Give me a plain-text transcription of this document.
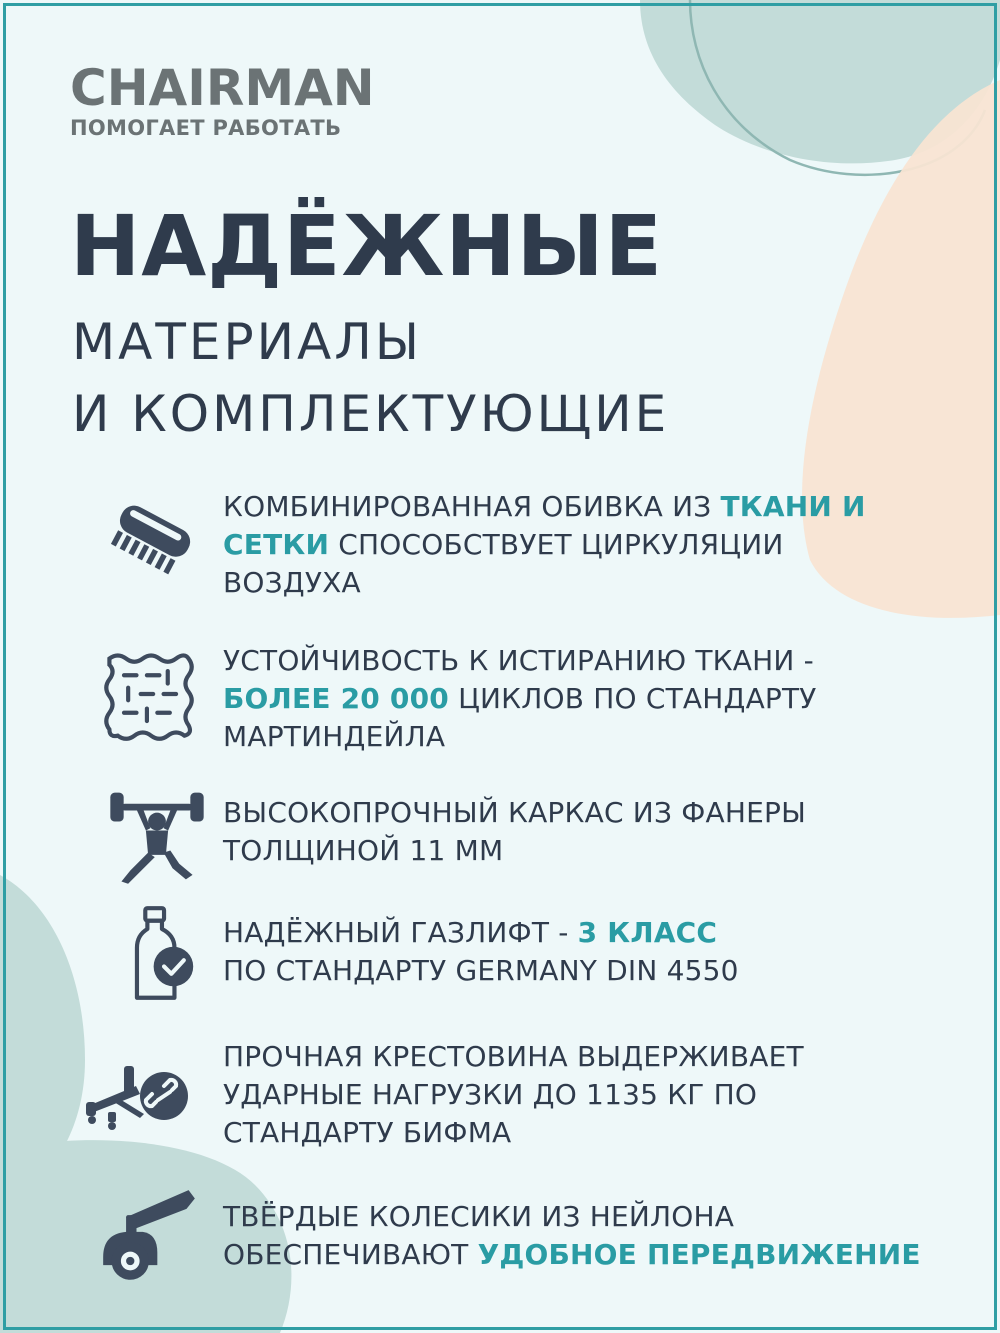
CHAIRMAN
ПОМОГАЕТ РАБОТАТЬ
НАДЁЖНЫЕ
МАТЕРИАЛЫ
И КОМПЛЕКТУЮЩИЕ
КОМБИНИРОВАННАЯ ОБИВКА ИЗ ТКАНИ И
СЕТКИ СПОСОБСТВУЕТ ЦИРКУЛЯЦИИ
ВОЗДУХА
УСТОЙЧИВОСТЬ К ИСТИРАНИЮ ТКАНИ -
БОЛЕЕ 20 000 ЦИКЛОВ ПО СТАНДАРТУ
МАРТИНДЕЙЛА
ВЫСОКОПРОЧНЫЙ КАРКАС ИЗ ФАНЕРЫ
ТОЛЩИНОЙ 11 ММ
НАДЁЖНЫЙ ГАЗЛИФТ - 3 КЛАСС
ПО СТАНДАРТУ GERMANY DIN 4550
ПРОЧНАЯ КРЕСТОВИНА ВЫДЕРЖИВАЕТ
УДАРНЫЕ НАГРУЗКИ ДО 1135 КГ ПО
СТАНДАРТУ БИФМА
ТВЁРДЫЕ КОЛЕСИКИ ИЗ НЕЙЛОНА
ОБЕСПЕЧИВАЮТ УДОБНОЕ ПЕРЕДВИЖЕНИЕ
